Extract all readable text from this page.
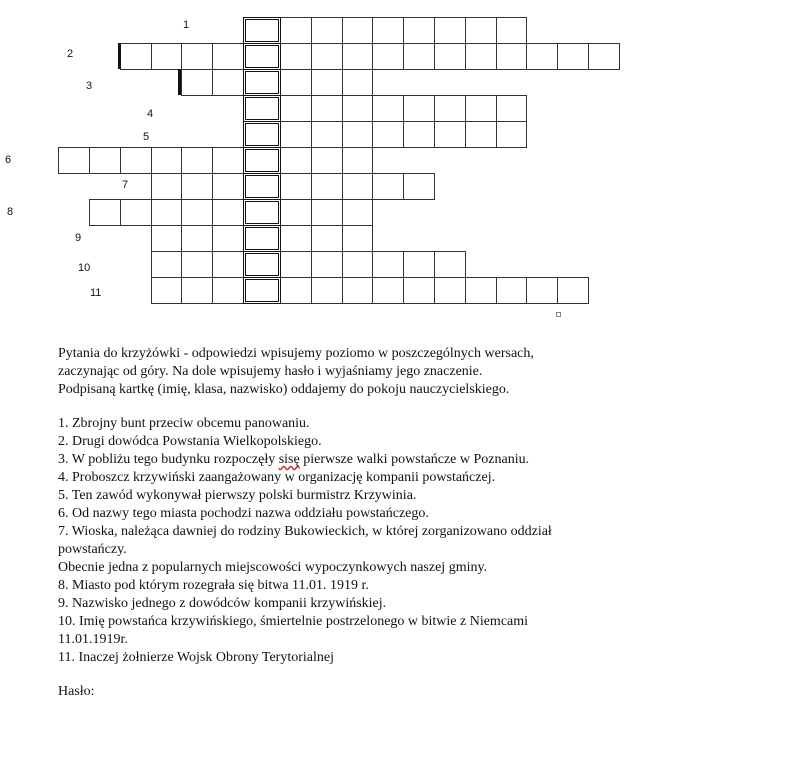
1
2
3
4
5
6
7
8
9
10
11

Pytania do krzyżówki - odpowiedzi wpisujemy poziomo w poszczególnych wersach,

zaczynając od góry. Na dole wpisujemy hasło i wyjaśniamy jego znaczenie.

Podpisaną kartkę (imię, klasa, nazwisko) oddajemy do pokoju nauczycielskiego.

1. Zbrojny bunt przeciw obcemu panowaniu.

2. Drugi dowódca Powstania Wielkopolskiego.

3. W pobliżu tego budynku rozpoczęły sisę pierwsze walki powstańcze w Poznaniu.

4. Proboszcz krzywiński zaangażowany w organizację kompanii powstańczej.

5. Ten zawód wykonywał pierwszy polski burmistrz Krzywinia.

6. Od nazwy tego miasta pochodzi nazwa oddziału powstańczego.

7. Wioska, należąca dawniej do rodziny Bukowieckich, w której zorganizowano oddział

powstańczy.

Obecnie jedna z popularnych miejscowości wypoczynkowych naszej gminy.

8. Miasto pod którym rozegrała się bitwa 11.01. 1919 r.

9. Nazwisko jednego z dowódców kompanii krzywińskiej.

10. Imię powstańca krzywińskiego, śmiertelnie postrzelonego w bitwie z Niemcami

11.01.1919r.

11. Inaczej żołnierze Wojsk Obrony Terytorialnej

Hasło:
